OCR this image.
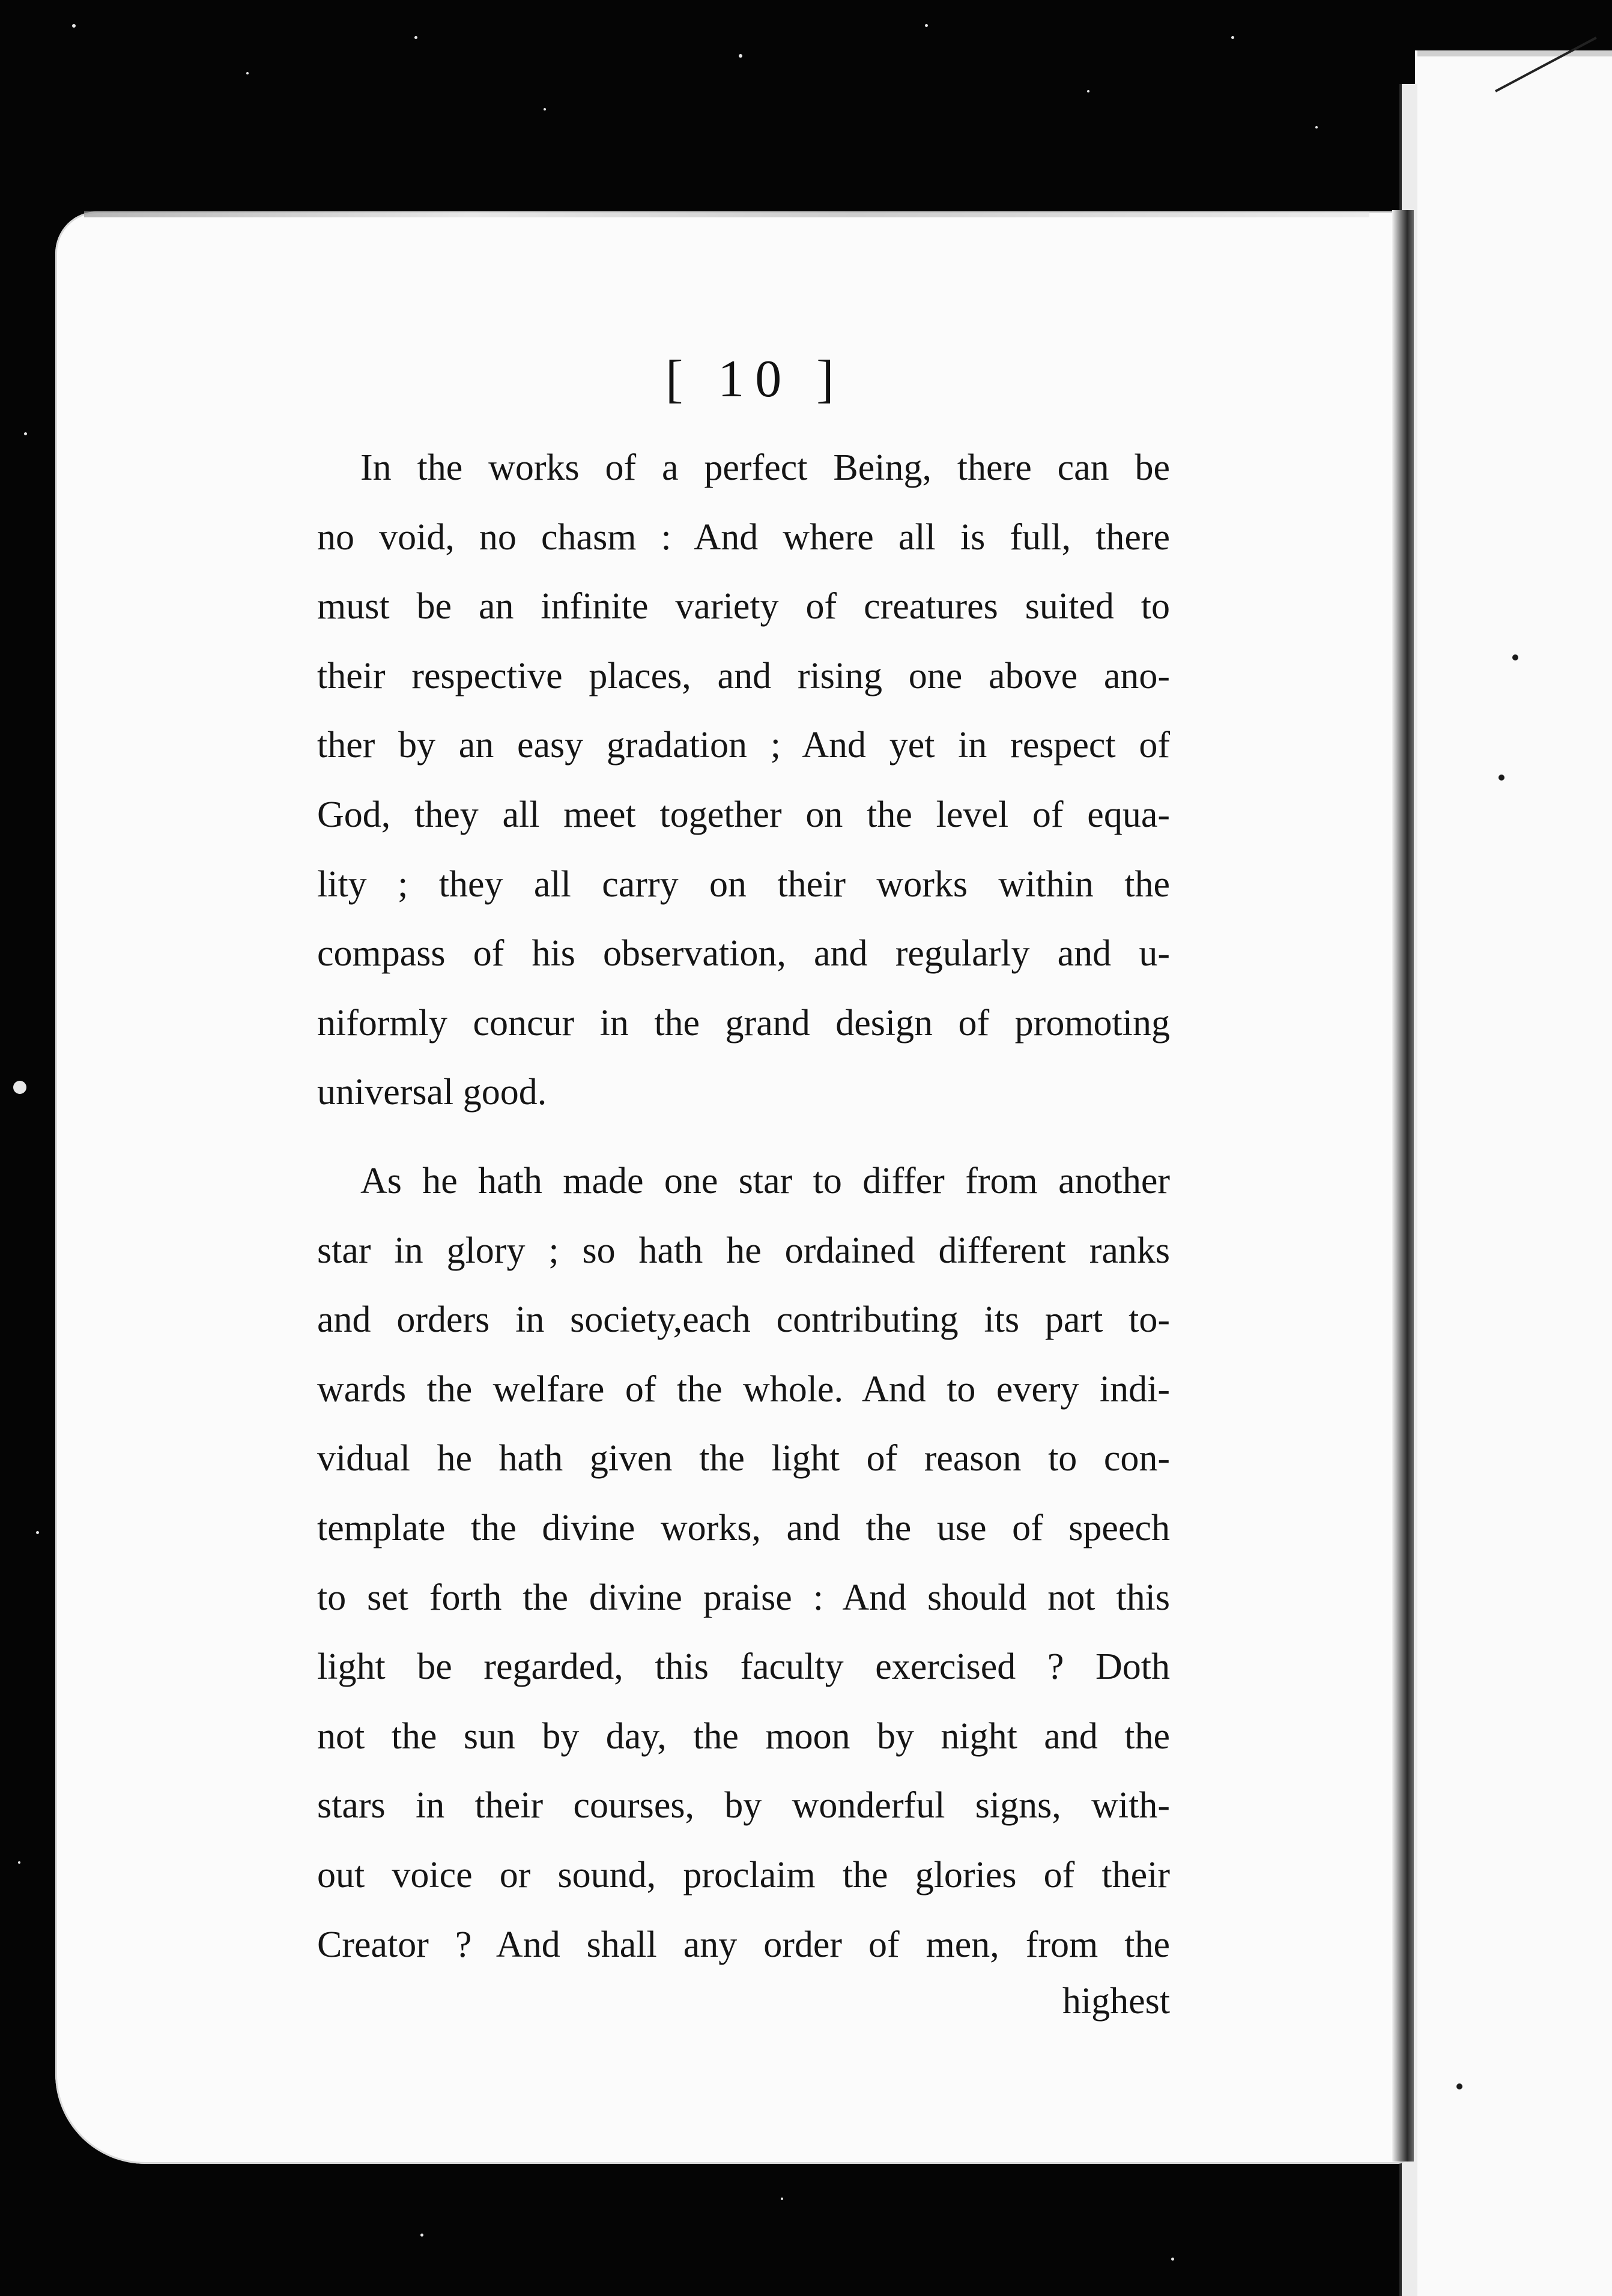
[ 10 ]
In the works of a perfect Being, there can be
no void, no chasm : And where all is full, there
must be an infinite variety of creatures suited to
their respective places, and rising one above ano-
ther by an easy gradation ; And yet in respect of
God, they all meet together on the level of equa-
lity ; they all carry on their works within the
compass of his observation, and regularly and u-
niformly concur in the grand design of promoting
universal good.
As he hath made one star to differ from another
star in glory ; so hath he ordained different ranks
and orders in society,each contributing its part to-
wards the welfare of the whole. And to every indi-
vidual he hath given the light of reason to con-
template the divine works, and the use of speech
to set forth the divine praise : And should not this
light be regarded, this faculty exercised ? Doth
not the sun by day, the moon by night and the
stars in their courses, by wonderful signs, with-
out voice or sound, proclaim the glories of their
Creator ? And shall any order of men, from the
highest
